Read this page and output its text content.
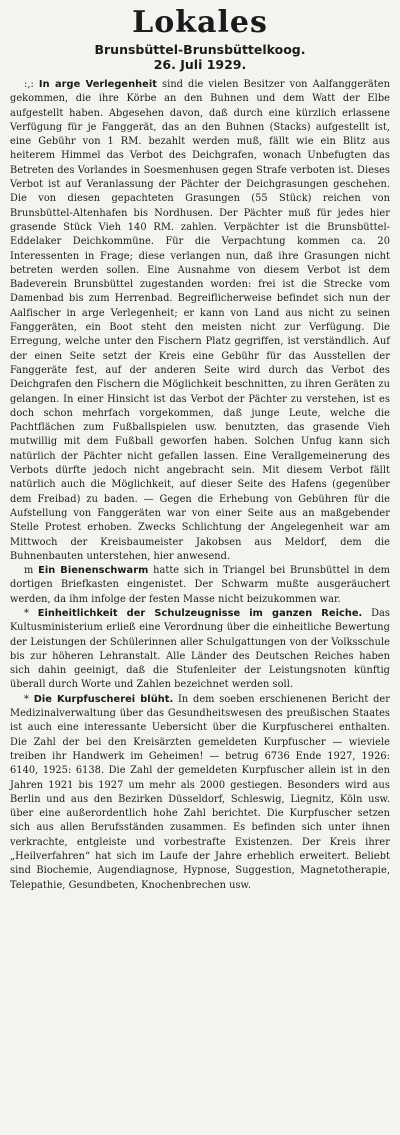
Lokales
Brunsbüttel-Brunsbüttelkoog.
26. Juli 1929.

:,: In arge Verlegenheit sind die vielen Besitzer von Aalfanggeräten gekommen, die ihre Körbe an den Buhnen und dem Watt der Elbe aufgestellt haben. Abgesehen davon, daß durch eine kürzlich erlassene Verfügung für je Fanggerät, das an den Buhnen (Stacks) aufgestellt ist, eine Gebühr von 1 RM. bezahlt werden muß, fällt wie ein Blitz aus heiterem Himmel das Verbot des Deichgrafen, wonach Unbefugten das Betreten des Vorlandes in Soesmenhusen gegen Strafe verboten ist. Dieses Verbot ist auf Veranlassung der Pächter der Deichgrasungen geschehen. Die von diesen gepachteten Grasungen (55 Stück) reichen von Brunsbüttel-Altenhafen bis Nordhusen. Der Pächter muß für jedes hier grasende Stück Vieh 140 RM. zahlen. Verpächter ist die Brunsbüttel-Eddelaker Deichkommüne. Für die Verpachtung kommen ca. 20 Interessenten in Frage; diese verlangen nun, daß ihre Grasungen nicht betreten werden sollen. Eine Ausnahme von diesem Verbot ist dem Badeverein Brunsbüttel zugestanden worden: frei ist die Strecke vom Damenbad bis zum Herrenbad. Begreiflicherweise befindet sich nun der Aalfischer in arge Verlegenheit; er kann von Land aus nicht zu seinen Fanggeräten, ein Boot steht den meisten nicht zur Verfügung. Die Erregung, welche unter den Fischern Platz gegriffen, ist verständlich. Auf der einen Seite setzt der Kreis eine Gebühr für das Ausstellen der Fanggeräte fest, auf der anderen Seite wird durch das Verbot des Deichgrafen den Fischern die Möglichkeit beschnitten, zu ihren Geräten zu gelangen. In einer Hinsicht ist das Verbot der Pächter zu verstehen, ist es doch schon mehrfach vorgekommen, daß junge Leute, welche die Pachtflächen zum Fußballspielen usw. benutzten, das grasende Vieh mutwillig mit dem Fußball geworfen haben. Solchen Unfug kann sich natürlich der Pächter nicht gefallen lassen. Eine Verallgemeinerung des Verbots dürfte jedoch nicht angebracht sein. Mit diesem Verbot fällt natürlich auch die Möglichkeit, auf dieser Seite des Hafens (gegenüber dem Freibad) zu baden. — Gegen die Erhebung von Gebühren für die Aufstellung von Fanggeräten war von einer Seite aus an maßgebender Stelle Protest erhoben. Zwecks Schlichtung der Angelegenheit war am Mittwoch der Kreisbaumeister Jakobsen aus Meldorf, dem die Buhnenbauten unterstehen, hier anwesend.

m Ein Bienenschwarm hatte sich in Triangel bei Brunsbüttel in dem dortigen Briefkasten eingenistet. Der Schwarm mußte ausgeräuchert werden, da ihm infolge der festen Masse nicht beizukommen war.

* Einheitlichkeit der Schulzeugnisse im ganzen Reiche. Das Kultusministerium erließ eine Verordnung über die einheitliche Bewertung der Leistungen der Schülerinnen aller Schulgattungen von der Volksschule bis zur höheren Lehranstalt. Alle Länder des Deutschen Reiches haben sich dahin geeinigt, daß die Stufenleiter der Leistungsnoten künftig überall durch Worte und Zahlen bezeichnet werden soll.

* Die Kurpfuscherei blüht. In dem soeben erschienenen Bericht der Medizinalverwaltung über das Gesundheitswesen des preußischen Staates ist auch eine interessante Uebersicht über die Kurpfuscherei enthalten. Die Zahl der bei den Kreisärzten gemeldeten Kurpfuscher — wieviele treiben ihr Handwerk im Geheimen! — betrug 6736 Ende 1927, 1926: 6140, 1925: 6138. Die Zahl der gemeldeten Kurpfuscher allein ist in den Jahren 1921 bis 1927 um mehr als 2000 gestiegen. Besonders wird aus Berlin und aus den Bezirken Düsseldorf, Schleswig, Liegnitz, Köln usw. über eine außerordentlich hohe Zahl berichtet. Die Kurpfuscher setzen sich aus allen Berufsständen zusammen. Es befinden sich unter ihnen verkrachte, entgleiste und vorbestrafte Existenzen. Der Kreis ihrer „Heilverfahren“ hat sich im Laufe der Jahre erheblich erweitert. Beliebt sind Biochemie, Augendiagnose, Hypnose, Suggestion, Magnetotherapie, Telepathie, Gesundbeten, Knochenbrechen usw.
